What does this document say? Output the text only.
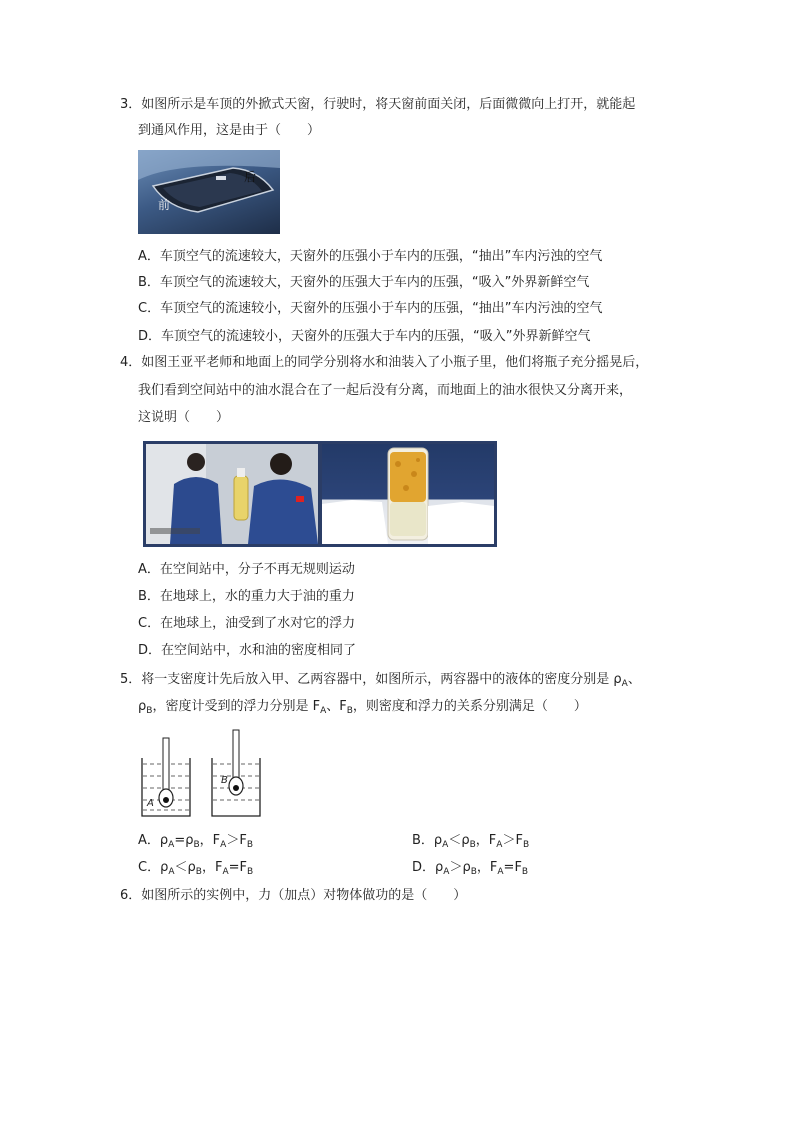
3．如图所示是车顶的外掀式天窗，行驶时，将天窗前面关闭，后面微微向上打开，就能起
到通风作用，这是由于（　　）
后
前
A．车顶空气的流速较大，天窗外的压强小于车内的压强，“抽出”车内污浊的空气
B．车顶空气的流速较大，天窗外的压强大于车内的压强，“吸入”外界新鲜空气
C．车顶空气的流速较小，天窗外的压强小于车内的压强，“抽出”车内污浊的空气
D．车顶空气的流速较小，天窗外的压强大于车内的压强，“吸入”外界新鲜空气
4．如图王亚平老师和地面上的同学分别将水和油装入了小瓶子里，他们将瓶子充分摇晃后，
我们看到空间站中的油水混合在了一起后没有分离，而地面上的油水很快又分离开来，
这说明（　　）
A．在空间站中，分子不再无规则运动
B．在地球上，水的重力大于油的重力
C．在地球上，油受到了水对它的浮力
D．在空间站中，水和油的密度相同了
5．将一支密度计先后放入甲、乙两容器中，如图所示，两容器中的液体的密度分别是 $\rho_A$、
$\rho_B$，密度计受到的浮力分别是 $F_A$、$F_B$，则密度和浮力的关系分别满足（　　）
A
B
A．$\rho_A=\rho_B$，$F_A>F_B$	B．$\rho_A<\rho_B$，$F_A>F_B$
C．$\rho_A<\rho_B$，$F_A=F_B$	D．$\rho_A>\rho_B$，$F_A=F_B$
6．如图所示的实例中，力（加点）对物体做功的是（　　）
